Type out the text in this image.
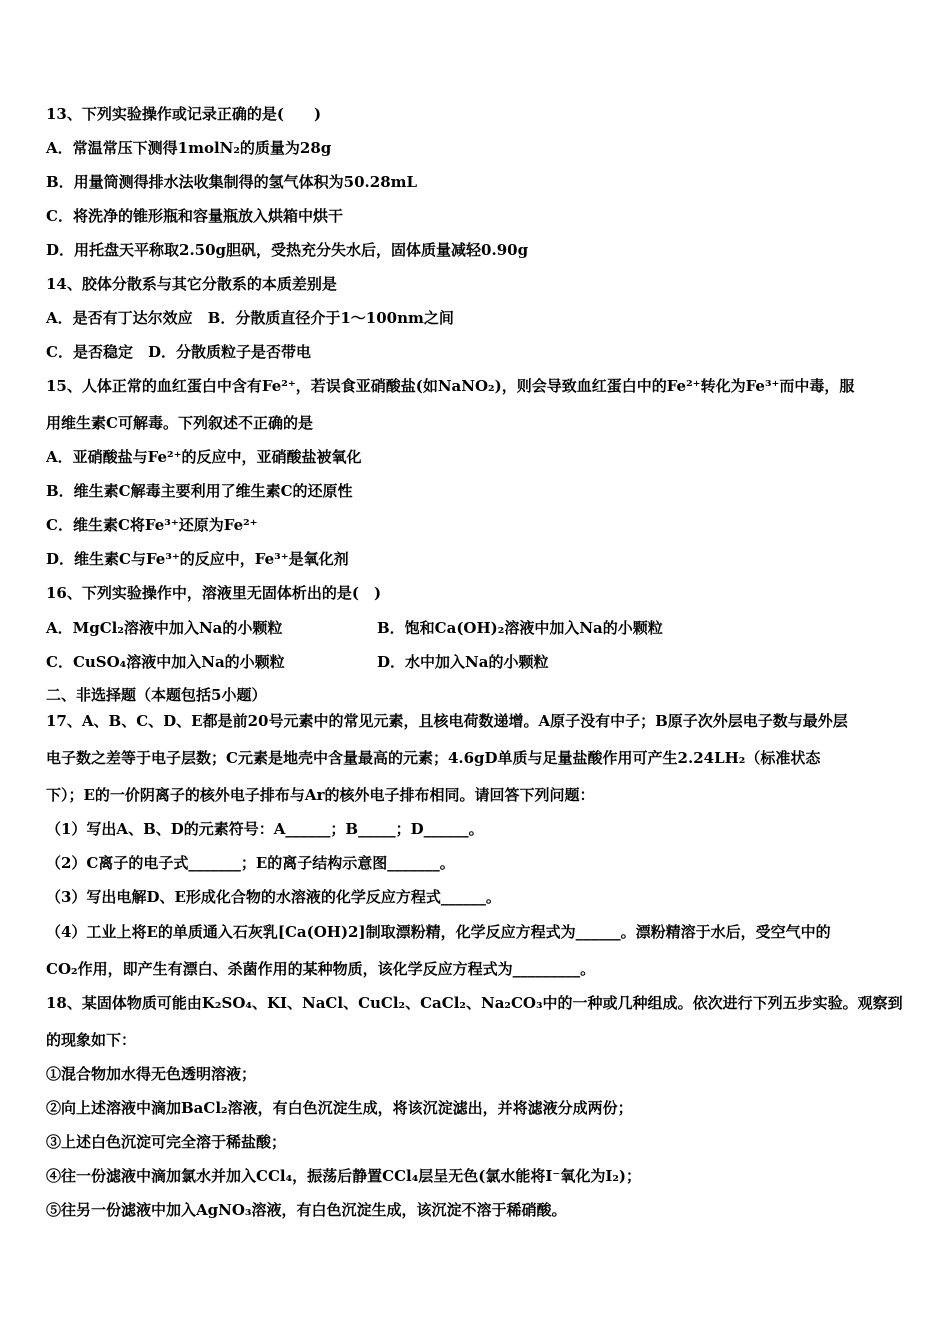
13、下列实验操作或记录正确的是(　　)
A．常温常压下测得1molN₂的质量为28g
B．用量筒测得排水法收集制得的氢气体积为50.28mL
C．将洗净的锥形瓶和容量瓶放入烘箱中烘干
D．用托盘天平称取2.50g胆矾，受热充分失水后，固体质量减轻0.90g
14、胶体分散系与其它分散系的本质差别是
A．是否有丁达尔效应　B．分散质直径介于1～100nm之间
C．是否稳定　D．分散质粒子是否带电
15、人体正常的血红蛋白中含有Fe²⁺，若误食亚硝酸盐(如NaNO₂)，则会导致血红蛋白中的Fe²⁺转化为Fe³⁺而中毒，服
用维生素C可解毒。下列叙述不正确的是
A．亚硝酸盐与Fe²⁺的反应中，亚硝酸盐被氧化
B．维生素C解毒主要利用了维生素C的还原性
C．维生素C将Fe³⁺还原为Fe²⁺
D．维生素C与Fe³⁺的反应中，Fe³⁺是氧化剂
16、下列实验操作中，溶液里无固体析出的是(　)
A．MgCl₂溶液中加入Na的小颗粒	B．饱和Ca(OH)₂溶液中加入Na的小颗粒
C．CuSO₄溶液中加入Na的小颗粒	D．水中加入Na的小颗粒
二、非选择题（本题包括5小题）
17、A、B、C、D、E都是前20号元素中的常见元素，且核电荷数递增。A原子没有中子；B原子次外层电子数与最外层
电子数之差等于电子层数；C元素是地壳中含量最高的元素；4.6gD单质与足量盐酸作用可产生2.24LH₂（标准状态
下）；E的一价阴离子的核外电子排布与Ar的核外电子排布相同。请回答下列问题：
（1）写出A、B、D的元素符号：A______；B_____；D______。
（2）C离子的电子式_______；E的离子结构示意图_______。
（3）写出电解D、E形成化合物的水溶液的化学反应方程式______。
（4）工业上将E的单质通入石灰乳[Ca(OH)2]制取漂粉精，化学反应方程式为______。漂粉精溶于水后，受空气中的
CO₂作用，即产生有漂白、杀菌作用的某种物质，该化学反应方程式为_________。
18、某固体物质可能由K₂SO₄、KI、NaCl、CuCl₂、CaCl₂、Na₂CO₃中的一种或几种组成。依次进行下列五步实验。观察到
的现象如下：
①混合物加水得无色透明溶液；
②向上述溶液中滴加BaCl₂溶液，有白色沉淀生成，将该沉淀滤出，并将滤液分成两份；
③上述白色沉淀可完全溶于稀盐酸；
④往一份滤液中滴加氯水并加入CCl₄，振荡后静置CCl₄层呈无色(氯水能将I⁻氧化为I₂)；
⑤往另一份滤液中加入AgNO₃溶液，有白色沉淀生成，该沉淀不溶于稀硝酸。
